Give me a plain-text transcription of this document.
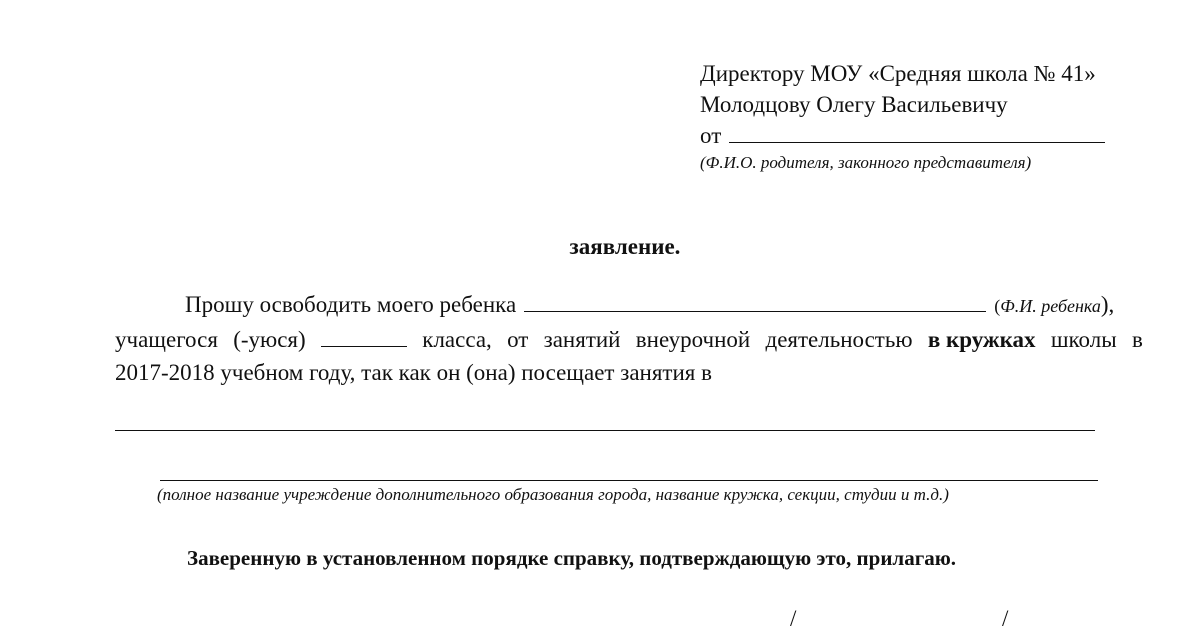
Директору МОУ «Средняя школа № 41»
Молодцову Олегу Васильевичу
от
(Ф.И.О. родителя, законного представителя)
заявление.
Прошу освободить моего ребенка	( Ф.И. ребенка ),
учащегося (-уюся)	класса, от занятий внеурочной деятельностью в кружках школы в
2017-2018 учебном году, так как он (она) посещает занятия в
(полное название учреждение дополнительного образования города, название кружка, секции, студии и т.д.)
Заверенную в установленном порядке справку, подтверждающую это, прилагаю.
/	/
